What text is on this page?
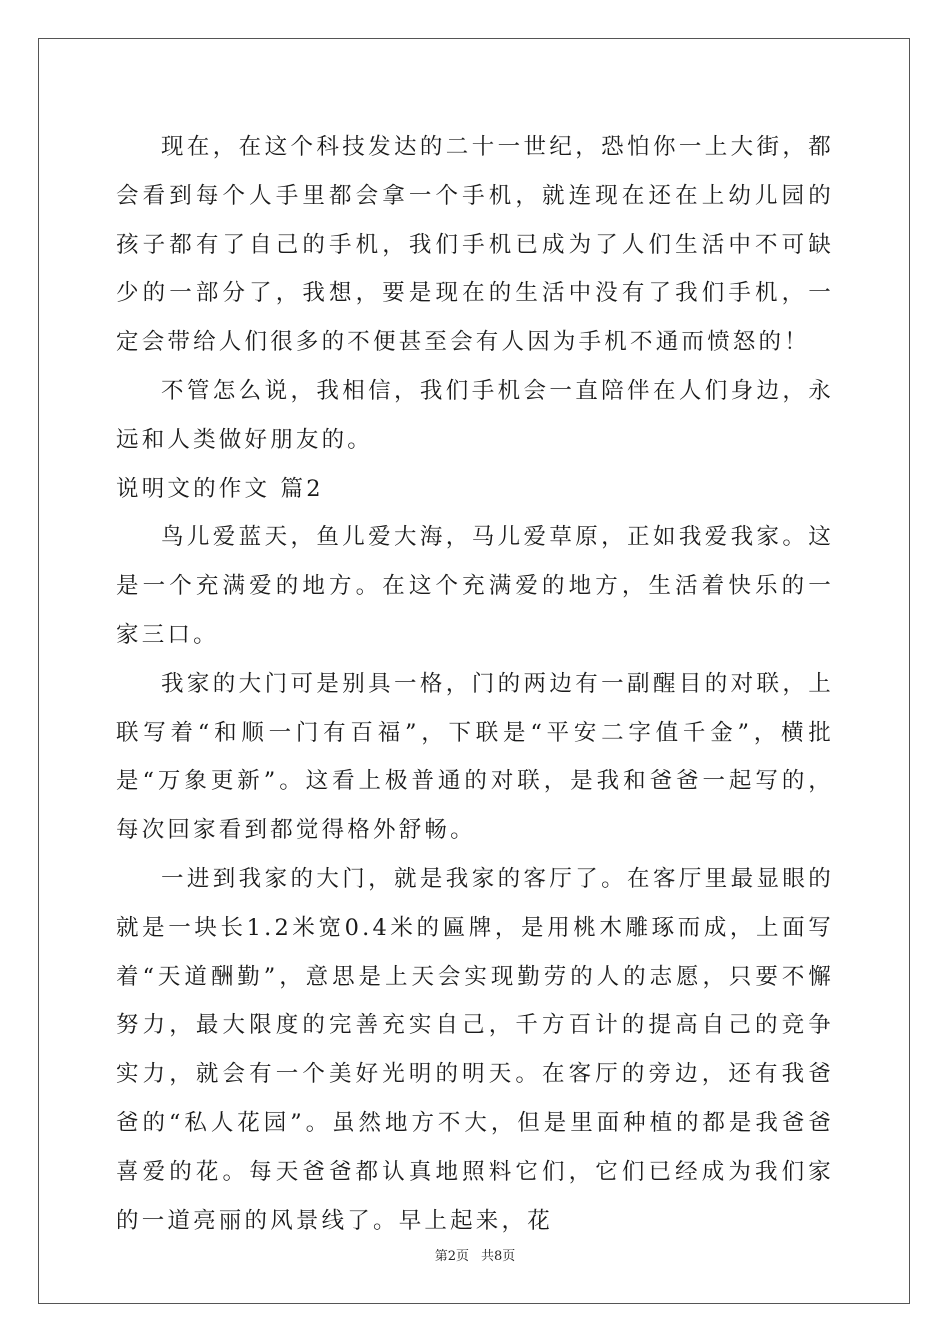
现在，在这个科技发达的二十一世纪，恐怕你一上大街，都会看到每个人手里都会拿一个手机，就连现在还在上幼儿园的孩子都有了自己的手机，我们手机已成为了人们生活中不可缺少的一部分了，我想，要是现在的生活中没有了我们手机，一定会带给人们很多的不便甚至会有人因为手机不通而愤怒的！

不管怎么说，我相信，我们手机会一直陪伴在人们身边，永远和人类做好朋友的。

说明文的作文 篇2

鸟儿爱蓝天，鱼儿爱大海，马儿爱草原，正如我爱我家。这是一个充满爱的地方。在这个充满爱的地方，生活着快乐的一家三口。

我家的大门可是别具一格，门的两边有一副醒目的对联，上联写着“和顺一门有百福”，下联是“平安二字值千金”，横批是“万象更新”。这看上极普通的对联，是我和爸爸一起写的，每次回家看到都觉得格外舒畅。

一进到我家的大门，就是我家的客厅了。在客厅里最显眼的就是一块长1.2米宽0.4米的匾牌，是用桃木雕琢而成，上面写着“天道酬勤”，意思是上天会实现勤劳的人的志愿，只要不懈努力，最大限度的完善充实自己，千方百计的提高自己的竞争实力，就会有一个美好光明的明天。在客厅的旁边，还有我爸爸的“私人花园”。虽然地方不大，但是里面种植的都是我爸爸喜爱的花。每天爸爸都认真地照料它们，它们已经成为我们家的一道亮丽的风景线了。早上起来，花

第2页 共8页
